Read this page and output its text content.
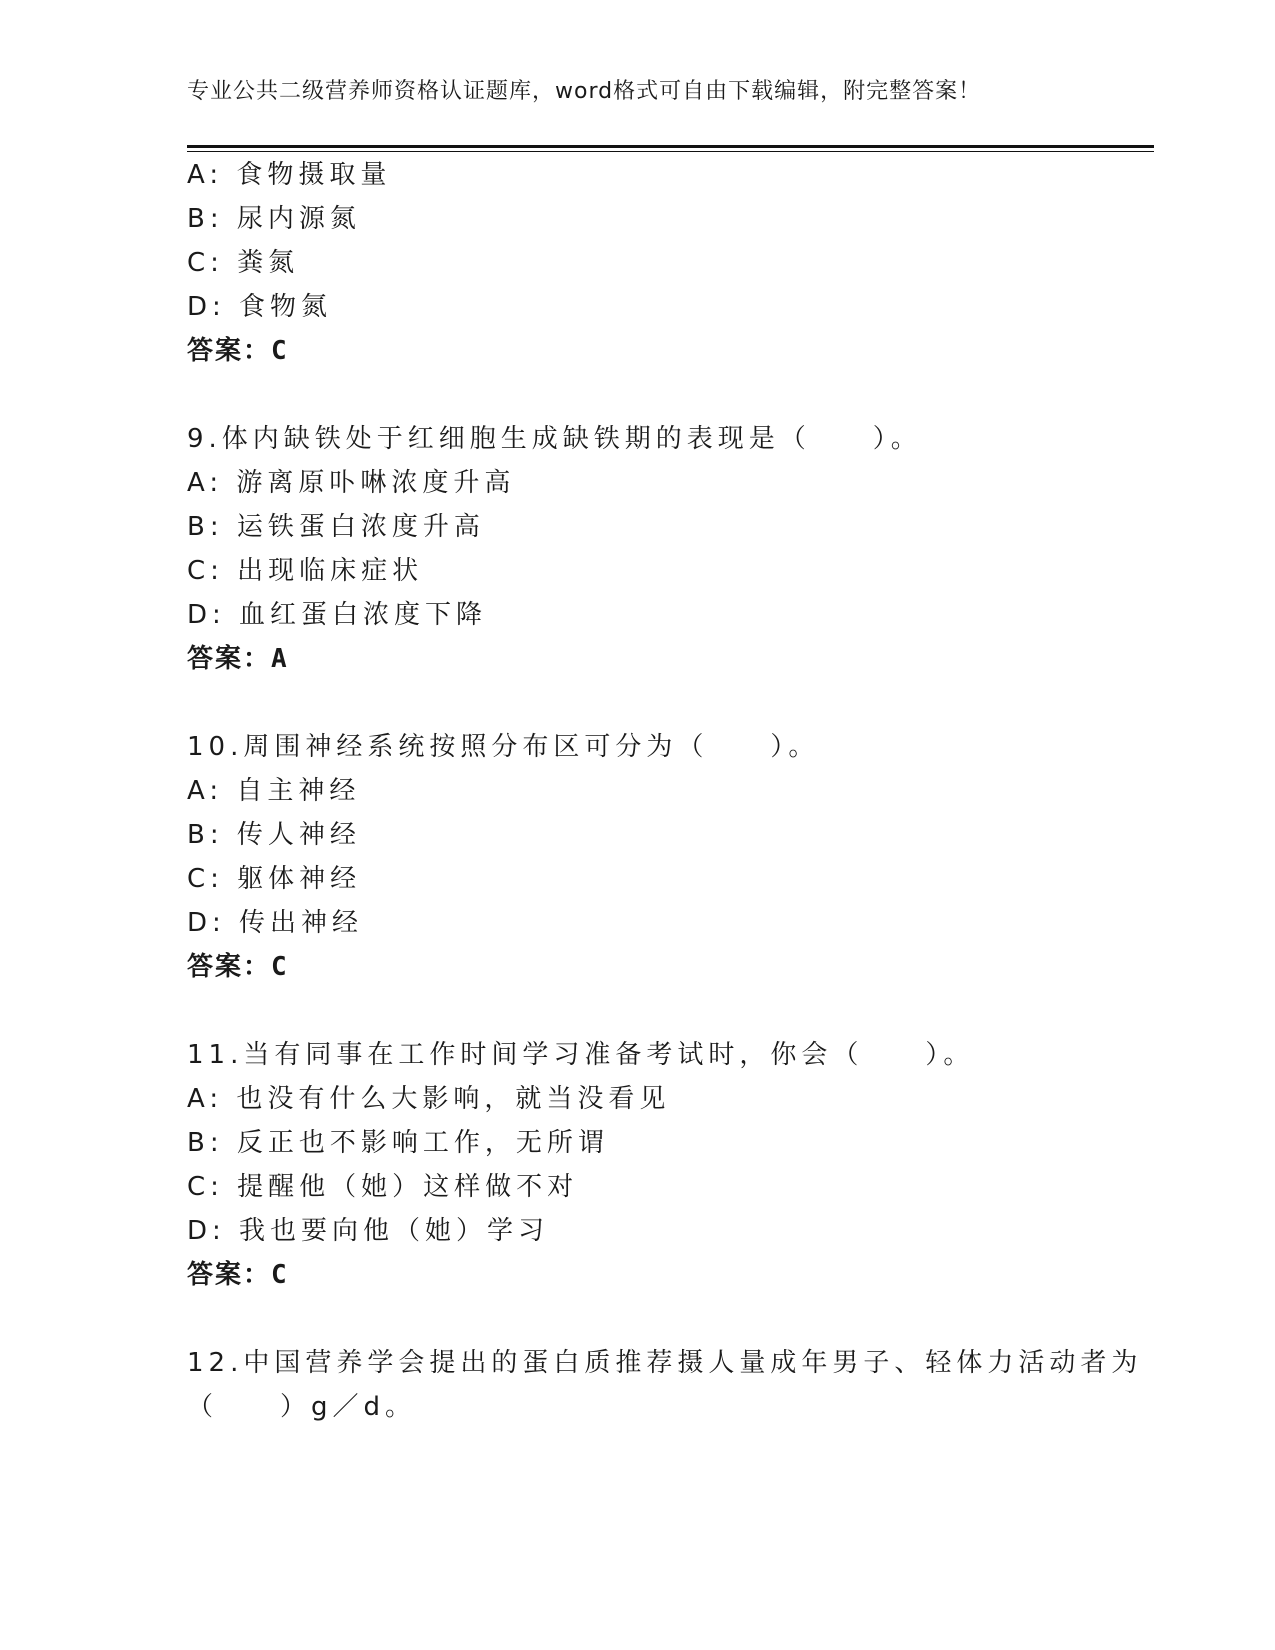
专业公共二级营养师资格认证题库，word格式可自由下载编辑，附完整答案！
A: 食物摄取量
B: 尿内源氮
C: 粪氮
D: 食物氮
答案：C
9.体内缺铁处于红细胞生成缺铁期的表现是（　　）。
A: 游离原卟啉浓度升高
B: 运铁蛋白浓度升高
C: 出现临床症状
D: 血红蛋白浓度下降
答案：A
10.周围神经系统按照分布区可分为（　　）。
A: 自主神经
B: 传人神经
C: 躯体神经
D: 传出神经
答案：C
11.当有同事在工作时间学习准备考试时，你会（　　）。
A: 也没有什么大影响，就当没看见
B: 反正也不影响工作，无所谓
C: 提醒他（她）这样做不对
D: 我也要向他（她）学习
答案：C
12.中国营养学会提出的蛋白质推荐摄人量成年男子、轻体力活动者为
（　　）g／d。
